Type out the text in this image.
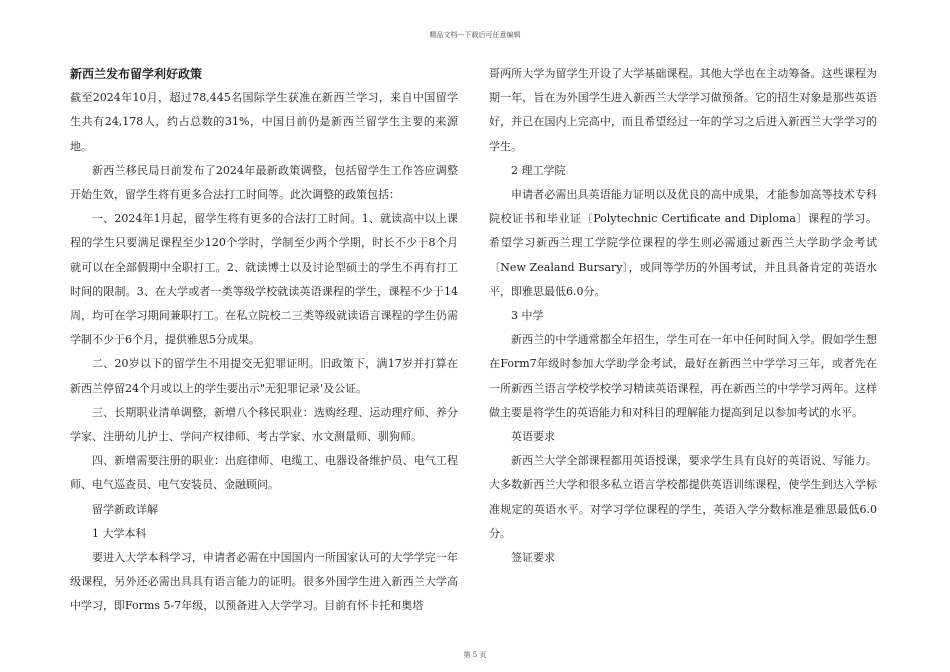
精品文档---下载后可任意编辑

新西兰发布留学利好政策

截至2024年10月，超过78,445名国际学生获准在新西兰学习，来自中国留学生共有24,178人，约占总数的31%，中国目前仍是新西兰留学生主要的来源地。

新西兰移民局日前发布了2024年最新政策调整，包括留学生工作答应调整开始生效，留学生将有更多合法打工时间等。此次调整的政策包括：

一、2024年1月起，留学生将有更多的合法打工时间。1、就读高中以上课程的学生只要满足课程至少120个学时，学制至少两个学期，时长不少于8个月就可以在全部假期中全职打工。2、就读博士以及讨论型硕士的学生不再有打工时间的限制。3、在大学或者一类等级学校就读英语课程的学生，课程不少于14周，均可在学习期间兼职打工。在私立院校二三类等级就读语言课程的学生仍需学制不少于6个月，提供雅思5分成果。

二、20岁以下的留学生不用提交无犯罪证明。旧政策下，满17岁并打算在新西兰停留24个月或以上的学生要出示"无犯罪记录'及公证。

三、长期职业清单调整，新增八个移民职业：选购经理、运动理疗师、养分学家、注册幼儿护士、学问产权律师、考古学家、水文测量师、驯狗师。

四、新增需要注册的职业：出庭律师、电缆工、电器设备维护员、电气工程师、电气巡查员、电气安装员、金融顾问。

留学新政详解

1 大学本科

要进入大学本科学习，申请者必需在中国国内一所国家认可的大学学完一年级课程，另外还必需出具具有语言能力的证明。很多外国学生进入新西兰大学高中学习，即Forms 5-7年级，以预备进入大学学习。目前有怀卡托和奥塔

哥两所大学为留学生开设了大学基础课程。其他大学也在主动筹备。这些课程为期一年，旨在为外国学生进入新西兰大学学习做预备。它的招生对象是那些英语好，并已在国内上完高中，而且希望经过一年的学习之后进入新西兰大学学习的学生。

2 理工学院

申请者必需出具英语能力证明以及优良的高中成果，才能参加高等技术专科院校证书和毕业证〔Polytechnic Certificate and Diploma〕课程的学习。希望学习新西兰理工学院学位课程的学生则必需通过新西兰大学助学金考试〔New Zealand Bursary〕，或同等学历的外国考试，并且具备肯定的英语水平，即雅思最低6.0分。

3 中学

新西兰的中学通常都全年招生，学生可在一年中任何时间入学。假如学生想在Form7年级时参加大学助学金考试，最好在新西兰中学学习三年，或者先在一所新西兰语言学校学校学习精读英语课程，再在新西兰的中学学习两年。这样做主要是将学生的英语能力和对科目的理解能力提高到足以参加考试的水平。

英语要求

新西兰大学全部课程都用英语授课，要求学生具有良好的英语说、写能力。大多数新西兰大学和很多私立语言学校都提供英语训练课程，使学生到达入学标准规定的英语水平。对学习学位课程的学生，英语入学分数标准是雅思最低6.0分。

签证要求

第 5 页
